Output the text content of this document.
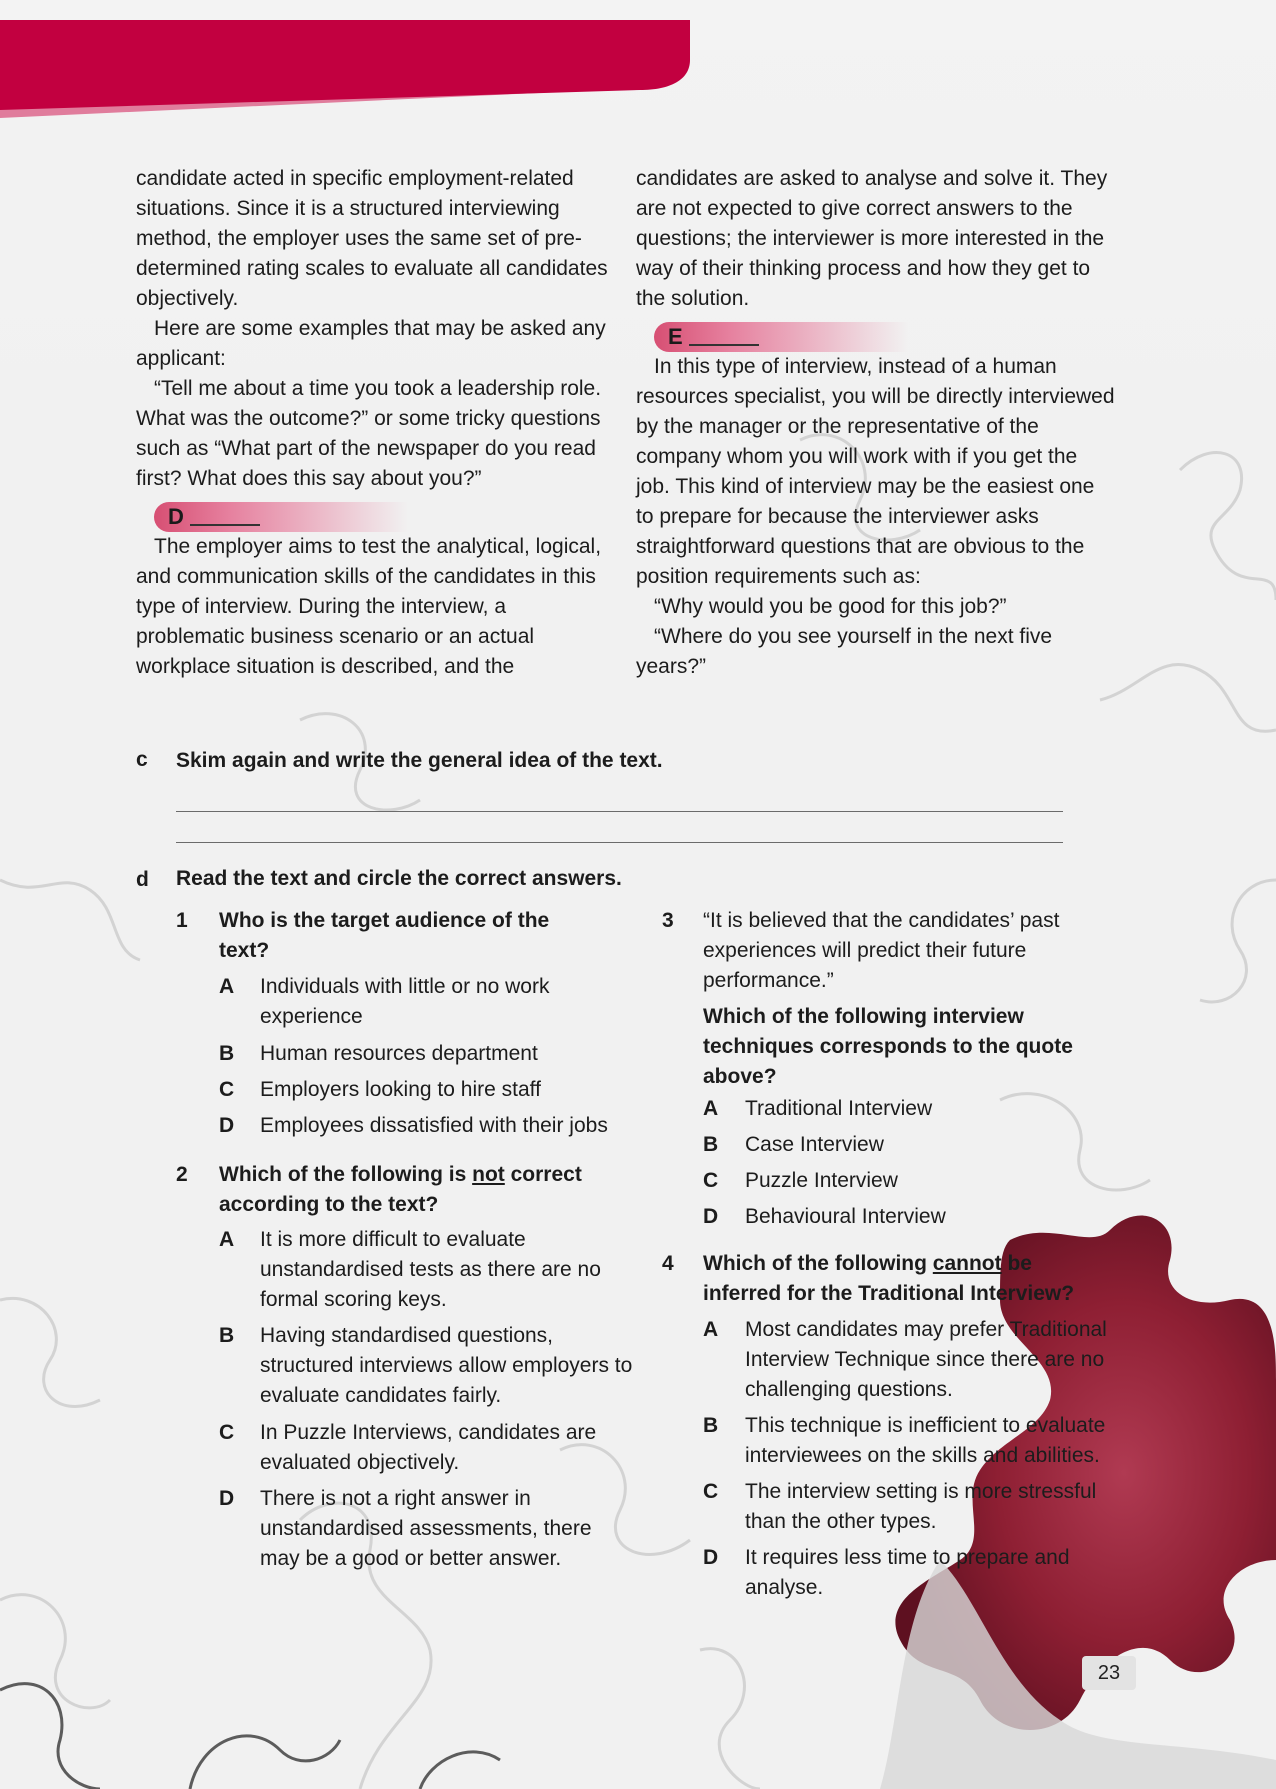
candidate acted in specific employment-related situations. Since it is a structured interviewing method, the employer uses the same set of pre-determined rating scales to evaluate all candidates objectively.

Here are some examples that may be asked any applicant:

“Tell me about a time you took a leadership role. What was the outcome?” or some tricky questions such as “What part of the newspaper do you read first? What does this say about you?”

D

The employer aims to test the analytical, logical, and communication skills of the candidates in this type of interview. During the interview, a problematic business scenario or an actual workplace situation is described, and the

candidates are asked to analyse and solve it. They are not expected to give correct answers to the questions; the interviewer is more interested in the way of their thinking process and how they get to the solution.

E

In this type of interview, instead of a human resources specialist, you will be directly interviewed by the manager or the representative of the company whom you will work with if you get the job. This kind of interview may be the easiest one to prepare for because the interviewer asks straightforward questions that are obvious to the position requirements such as:

“Why would you be good for this job?”

“Where do you see yourself in the next five years?”

c Skim again and write the general idea of the text.
d Read the text and circle the correct answers.
1 Who is the target audience of the text?
A Individuals with little or no work experience
B Human resources department
C Employers looking to hire staff
D Employees dissatisfied with their jobs
2 Which of the following is not correct according to the text?
A It is more difficult to evaluate unstandardised tests as there are no formal scoring keys.
B Having standardised questions, structured interviews allow employers to evaluate candidates fairly.
C In Puzzle Interviews, candidates are evaluated objectively.
D There is not a right answer in unstandardised assessments, there may be a good or better answer.
3 “It is believed that the candidates’ past experiences will predict their future performance.”
Which of the following interview techniques corresponds to the quote above?
A Traditional Interview
B Case Interview
C Puzzle Interview
D Behavioural Interview
4 Which of the following cannot be inferred for the Traditional Interview?
A Most candidates may prefer Traditional Interview Technique since there are no challenging questions.
B This technique is inefficient to evaluate interviewees on the skills and abilities.
C The interview setting is more stressful than the other types.
D It requires less time to prepare and analyse.
23
